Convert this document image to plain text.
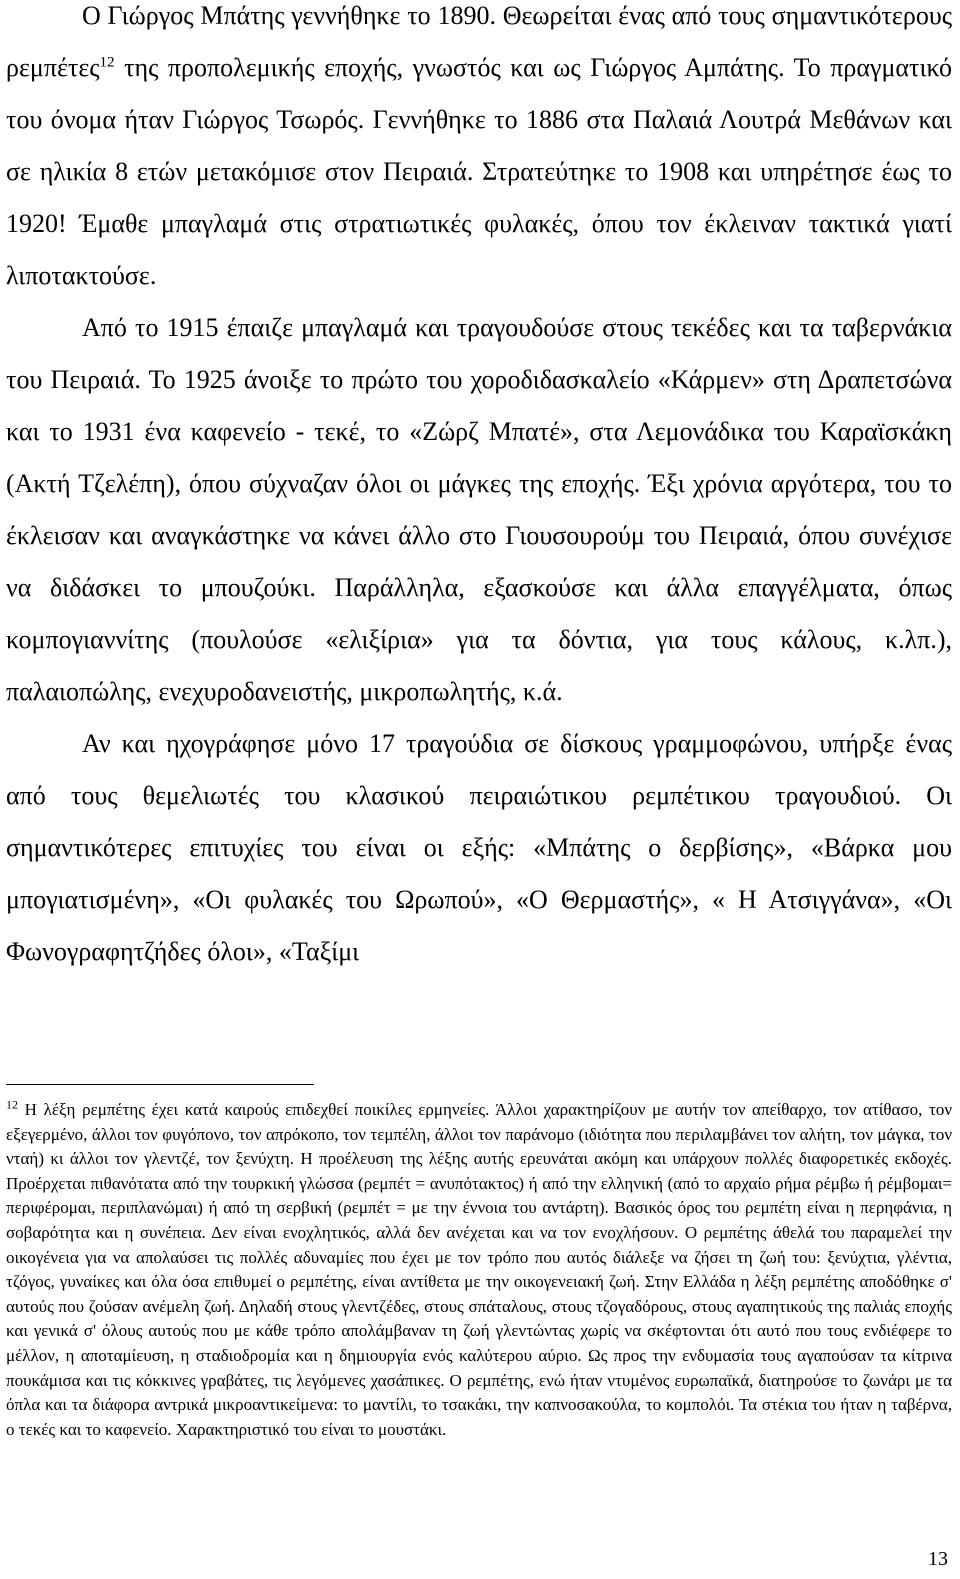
Ο Γιώργος Μπάτης γεννήθηκε το 1890. Θεωρείται ένας από τους σημαντικότερους ρεμπέτες$^{12}$ της προπολεμικής εποχής, γνωστός και ως Γιώργος Αμπάτης. Το πραγματικό του όνομα ήταν Γιώργος Τσωρός. Γεννήθηκε το 1886 στα Παλαιά Λουτρά Μεθάνων και σε ηλικία 8 ετών μετακόμισε στον Πειραιά. Στρατεύτηκε το 1908 και υπηρέτησε έως το 1920! Έμαθε μπαγλαμά στις στρατιωτικές φυλακές, όπου τον έκλειναν τακτικά γιατί λιποτακτούσε.

Από το 1915 έπαιζε μπαγλαμά και τραγουδούσε στους τεκέδες και τα ταβερνάκια του Πειραιά. Το 1925 άνοιξε το πρώτο του χοροδιδασκαλείο «Κάρμεν» στη Δραπετσώνα και το 1931 ένα καφενείο - τεκέ, το «Ζώρζ Μπατέ», στα Λεμονάδικα του Καραϊσκάκη (Ακτή Τζελέπη), όπου σύχναζαν όλοι οι μάγκες της εποχής. Έξι χρόνια αργότερα, του το έκλεισαν και αναγκάστηκε να κάνει άλλο στο Γιουσουρούμ του Πειραιά, όπου συνέχισε να διδάσκει το μπουζούκι. Παράλληλα, εξασκούσε και άλλα επαγγέλματα, όπως κομπογιαννίτης (πουλούσε «ελιξίρια» για τα δόντια, για τους κάλους, κ.λπ.), παλαιοπώλης, ενεχυροδανειστής, μικροπωλητής, κ.ά.

Αν και ηχογράφησε μόνο 17 τραγούδια σε δίσκους γραμμοφώνου, υπήρξε ένας από τους θεμελιωτές του κλασικού πειραιώτικου ρεμπέτικου τραγουδιού. Οι σημαντικότερες επιτυχίες του είναι οι εξής: «Μπάτης ο δερβίσης», «Βάρκα μου μπογιατισμένη», «Οι φυλακές του Ωρωπού», «Ο Θερμαστής», « Η Ατσιγγάνα», «Οι Φωνογραφητζήδες όλοι», «Ταξίμι

$^{12}$ Η λέξη ρεμπέτης έχει κατά καιρούς επιδεχθεί ποικίλες ερμηνείες. Άλλοι χαρακτηρίζουν με αυτήν τον απείθαρχο, τον ατίθασο, τον εξεγερμένο, άλλοι τον φυγόπονο, τον απρόκοπο, τον τεμπέλη, άλλοι τον παράνομο (ιδιότητα που περιλαμβάνει τον αλήτη, τον μάγκα, τον νταή) κι άλλοι τον γλεντζέ, τον ξενύχτη. Η προέλευση της λέξης αυτής ερευνάται ακόμη και υπάρχουν πολλές διαφορετικές εκδοχές. Προέρχεται πιθανότατα από την τουρκική γλώσσα (ρεμπέτ = ανυπότακτος) ή από την ελληνική (από το αρχαίο ρήμα ρέμβω ή ρέμβομαι= περιφέρομαι, περιπλανώμαι) ή από τη σερβική (ρεμπέτ = με την έννοια του αντάρτη). Βασικός όρος του ρεμπέτη είναι η περηφάνια, η σοβαρότητα και η συνέπεια. Δεν είναι ενοχλητικός, αλλά δεν ανέχεται και να τον ενοχλήσουν. Ο ρεμπέτης άθελά του παραμελεί την οικογένεια για να απολαύσει τις πολλές αδυναμίες που έχει με τον τρόπο που αυτός διάλεξε να ζήσει τη ζωή του: ξενύχτια, γλέντια, τζόγος, γυναίκες και όλα όσα επιθυμεί ο ρεμπέτης, είναι αντίθετα με την οικογενειακή ζωή. Στην Ελλάδα η λέξη ρεμπέτης αποδόθηκε σ' αυτούς που ζούσαν ανέμελη ζωή. Δηλαδή στους γλεντζέδες, στους σπάταλους, στους τζογαδόρους, στους αγαπητικούς της παλιάς εποχής και γενικά σ' όλους αυτούς που με κάθε τρόπο απολάμβαναν τη ζωή γλεντώντας χωρίς να σκέφτονται ότι αυτό που τους ενδιέφερε το μέλλον, η αποταμίευση, η σταδιοδρομία και η δημιουργία ενός καλύτερου αύριο. Ως προς την ενδυμασία τους αγαπούσαν τα κίτρινα πουκάμισα και τις κόκκινες γραβάτες, τις λεγόμενες χασάπικες. Ο ρεμπέτης, ενώ ήταν ντυμένος ευρωπαϊκά, διατηρούσε το ζωνάρι με τα όπλα και τα διάφορα αντρικά μικροαντικείμενα: το μαντίλι, το τσακάκι, την καπνοσακούλα, το κομπολόι. Τα στέκια του ήταν η ταβέρνα, ο τεκές και το καφενείο. Χαρακτηριστικό του είναι το μουστάκι.

13
